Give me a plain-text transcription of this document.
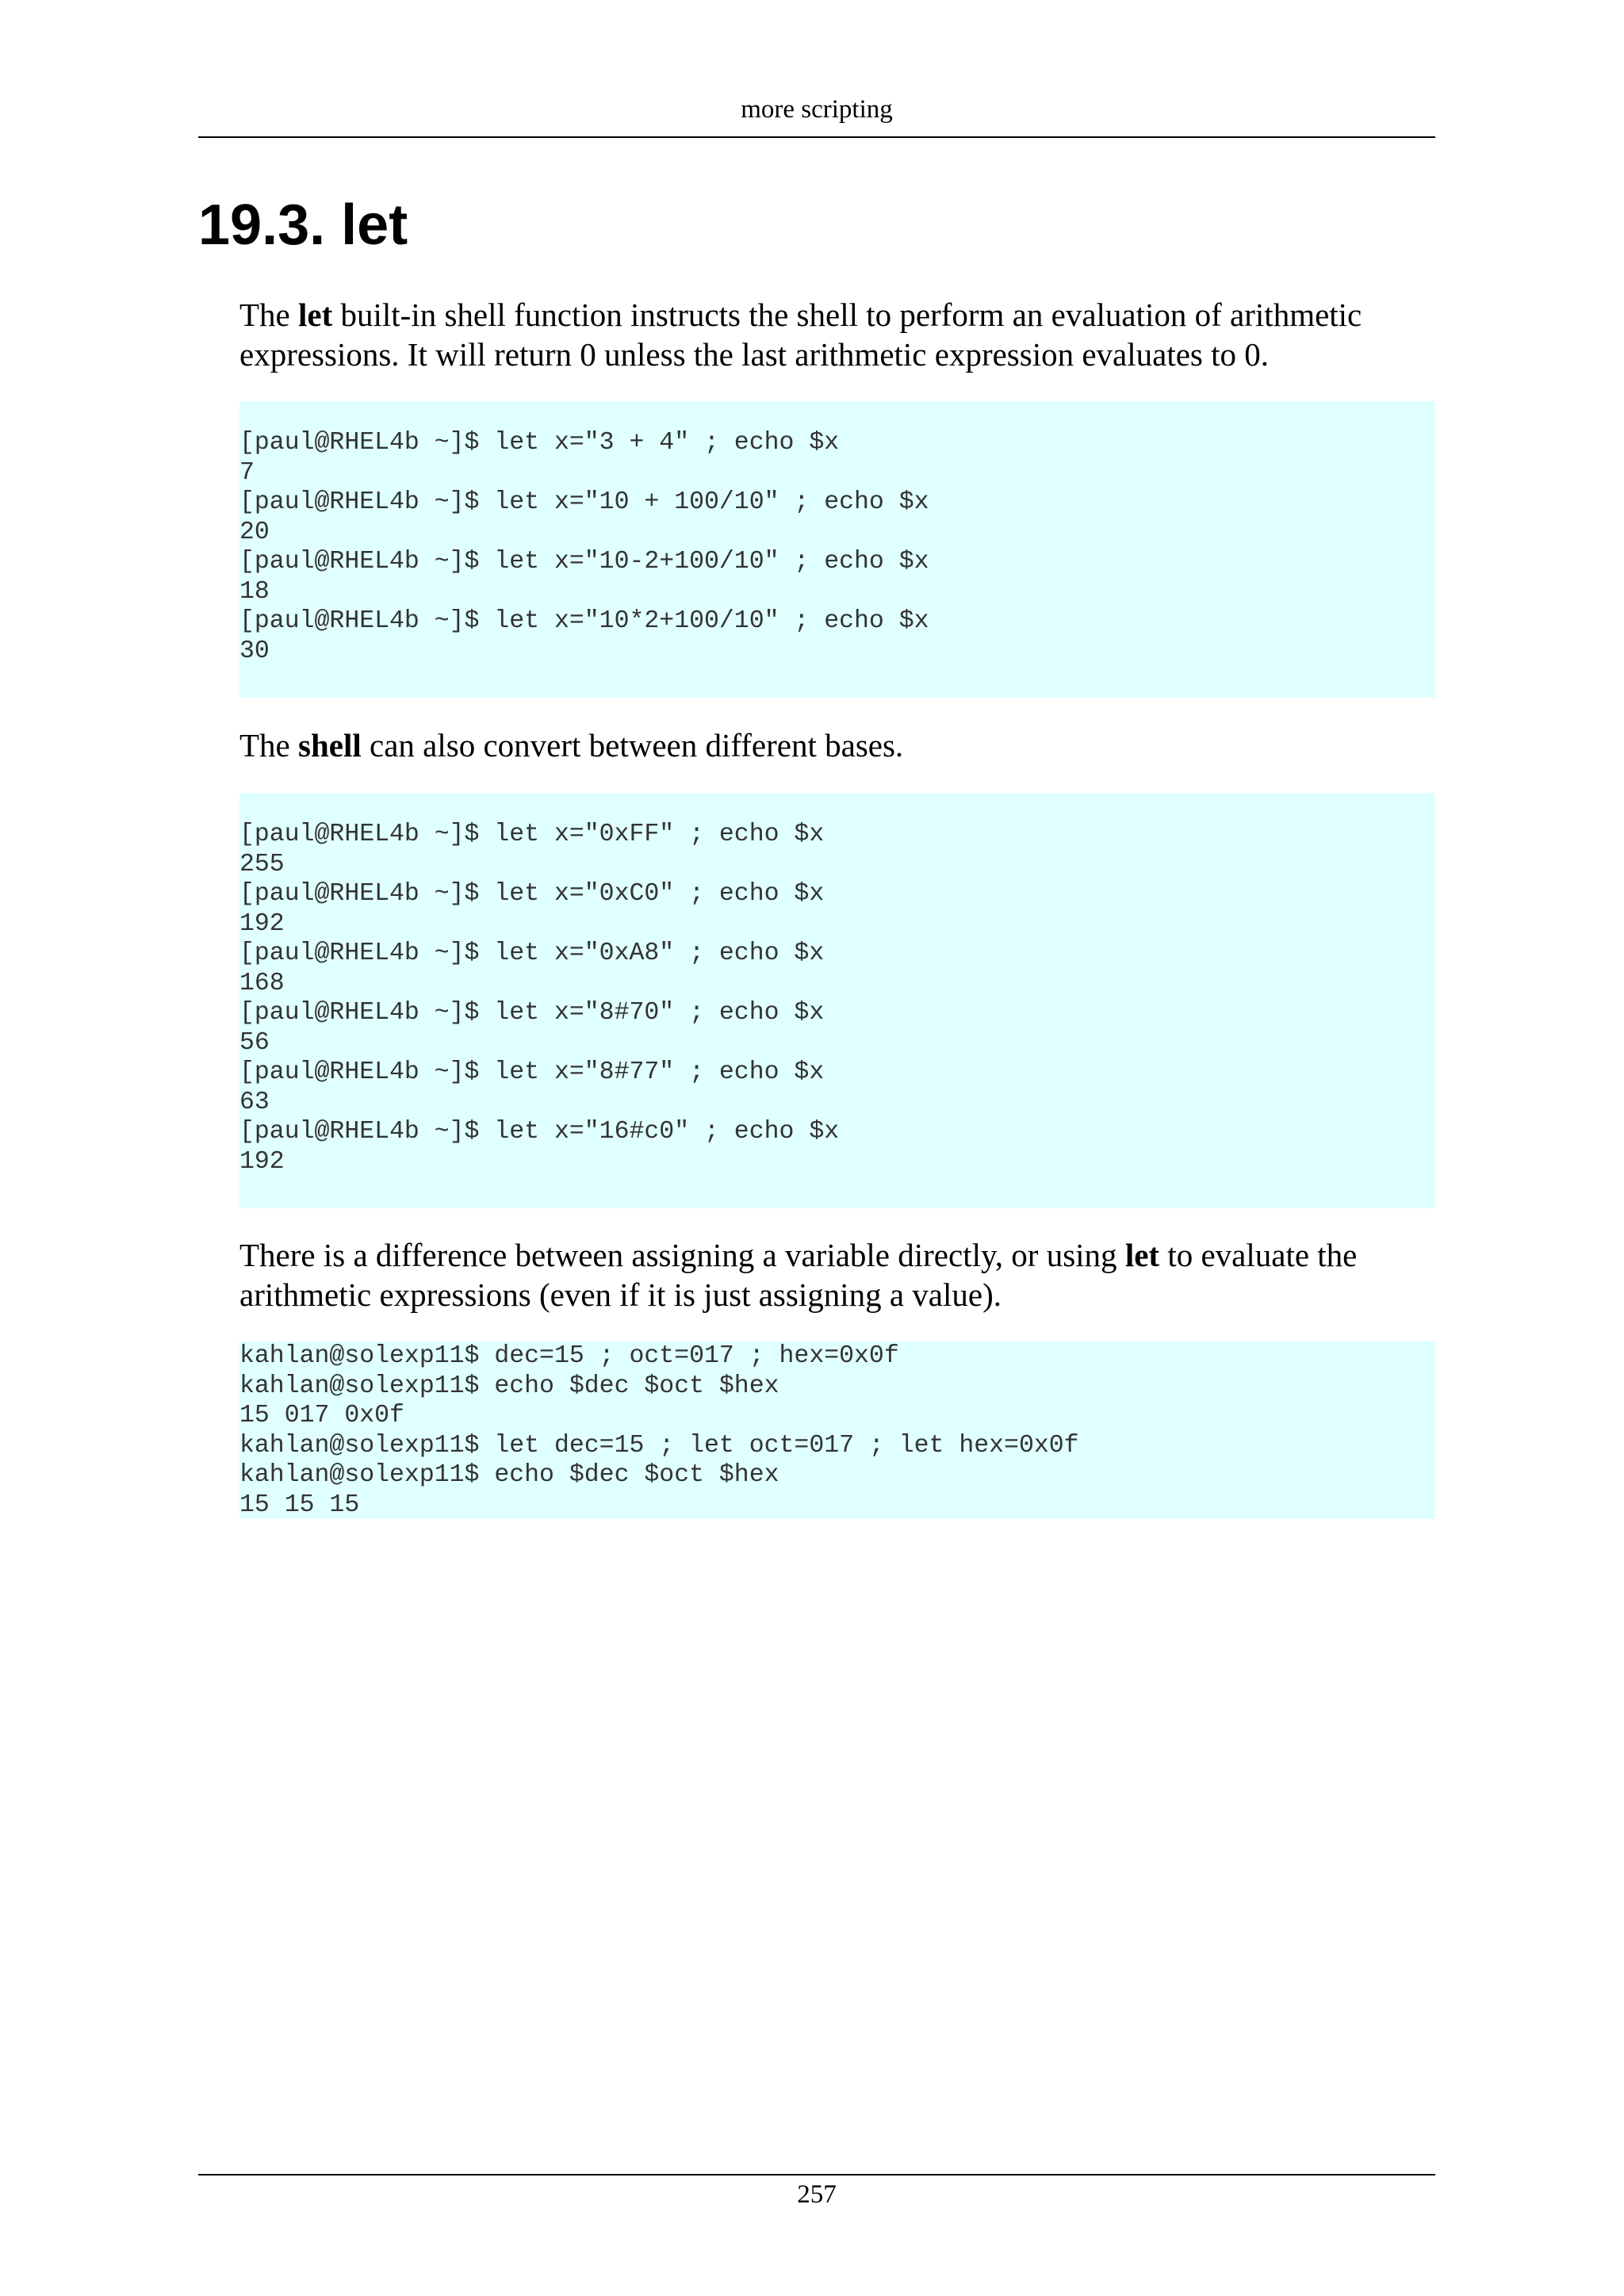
more scripting
19.3. let

The let built-in shell function instructs the shell to perform an evaluation of arithmetic expressions. It will return 0 unless the last arithmetic expression evaluates to 0.

[paul@RHEL4b ~]$ let x="3 + 4" ; echo $x
7
[paul@RHEL4b ~]$ let x="10 + 100/10" ; echo $x
20
[paul@RHEL4b ~]$ let x="10-2+100/10" ; echo $x
18
[paul@RHEL4b ~]$ let x="10*2+100/10" ; echo $x
30

The shell can also convert between different bases.

[paul@RHEL4b ~]$ let x="0xFF" ; echo $x
255
[paul@RHEL4b ~]$ let x="0xC0" ; echo $x
192
[paul@RHEL4b ~]$ let x="0xA8" ; echo $x
168
[paul@RHEL4b ~]$ let x="8#70" ; echo $x
56
[paul@RHEL4b ~]$ let x="8#77" ; echo $x
63
[paul@RHEL4b ~]$ let x="16#c0" ; echo $x
192

There is a difference between assigning a variable directly, or using let to evaluate the arithmetic expressions (even if it is just assigning a value).

kahlan@solexp11$ dec=15 ; oct=017 ; hex=0x0f
kahlan@solexp11$ echo $dec $oct $hex
15 017 0x0f
kahlan@solexp11$ let dec=15 ; let oct=017 ; let hex=0x0f
kahlan@solexp11$ echo $dec $oct $hex
15 15 15
257
